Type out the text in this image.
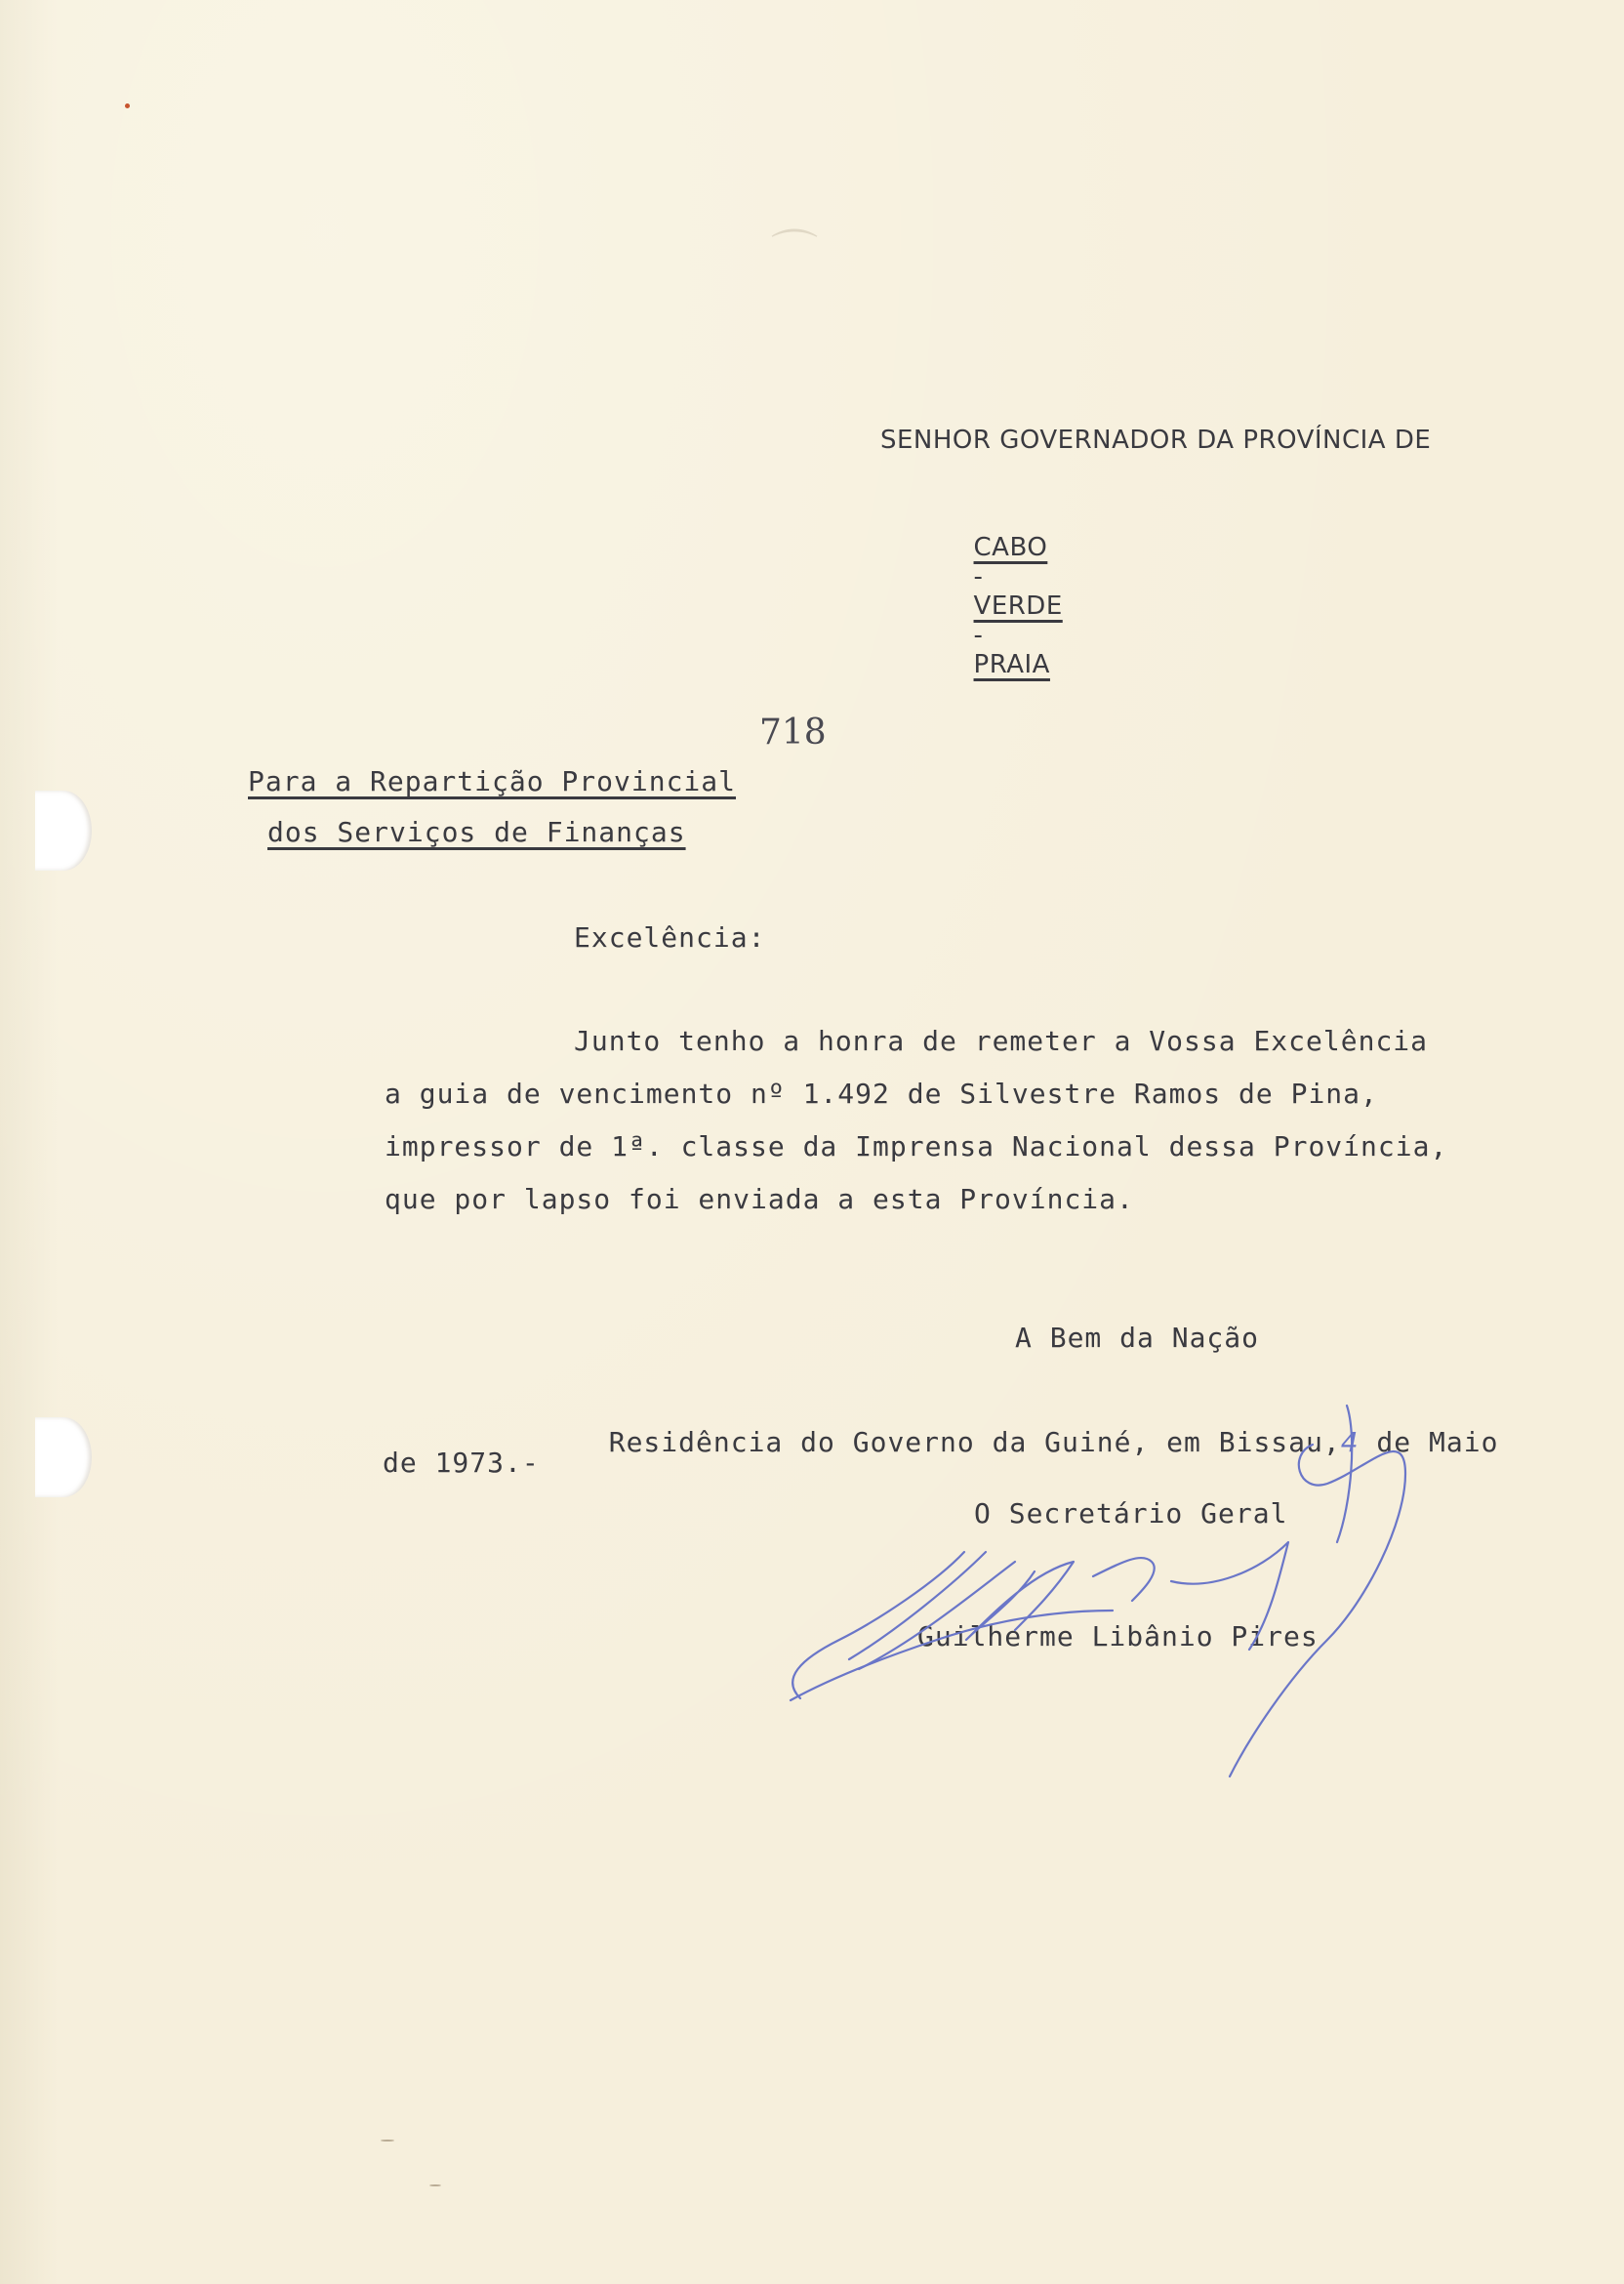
⌒
SENHOR GOVERNADOR DA PROVÍNCIA DE

CABO
-
VERDE
-
PRAIA

718
Para a Repartição Provincial
dos Serviços de Finanças
Excelência:
Junto tenho a honra de remeter a Vossa Excelência
a guia de vencimento nº 1.492 de Silvestre Ramos de Pina,
impressor de 1ª. classe da Imprensa Nacional dessa Província,
que por lapso foi enviada a esta Província.
A Bem da Nação

Residência do Governo da Guiné, em Bissau,4 de Maio

de 1973.-
O Secretário Geral
Guilherme Libânio Pires
